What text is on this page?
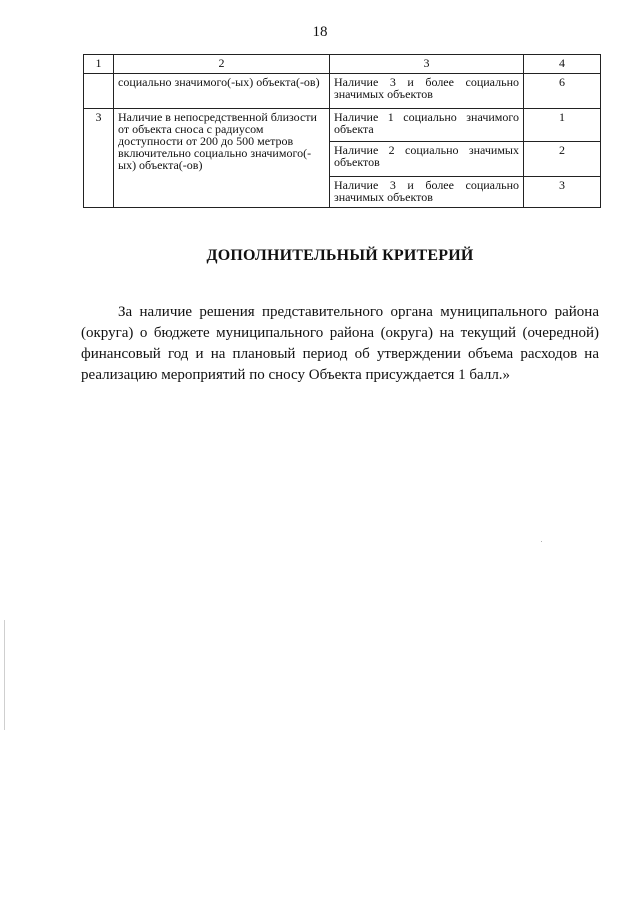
18
1	2	3	4
	социально значимого(-ых) объекта(-ов)	Наличие 3 и более социально значимых объектов	6
3	Наличие в непосредственной близости от объекта сноса с радиусом доступности от 200 до 500 метров включительно социально значимого(-ых) объекта(-ов)	Наличие 1 социально значимого объекта	1
		Наличие 2 социально значимых объектов	2
		Наличие 3 и более социально значимых объектов	3
ДОПОЛНИТЕЛЬНЫЙ КРИТЕРИЙ

За наличие решения представительного органа муниципального района (округа) о бюджете муниципального района (округа) на текущий (очередной) финансовый год и на плановый период об утверждении объема расходов на реализацию мероприятий по сносу Объекта присуждается 1 балл.»
